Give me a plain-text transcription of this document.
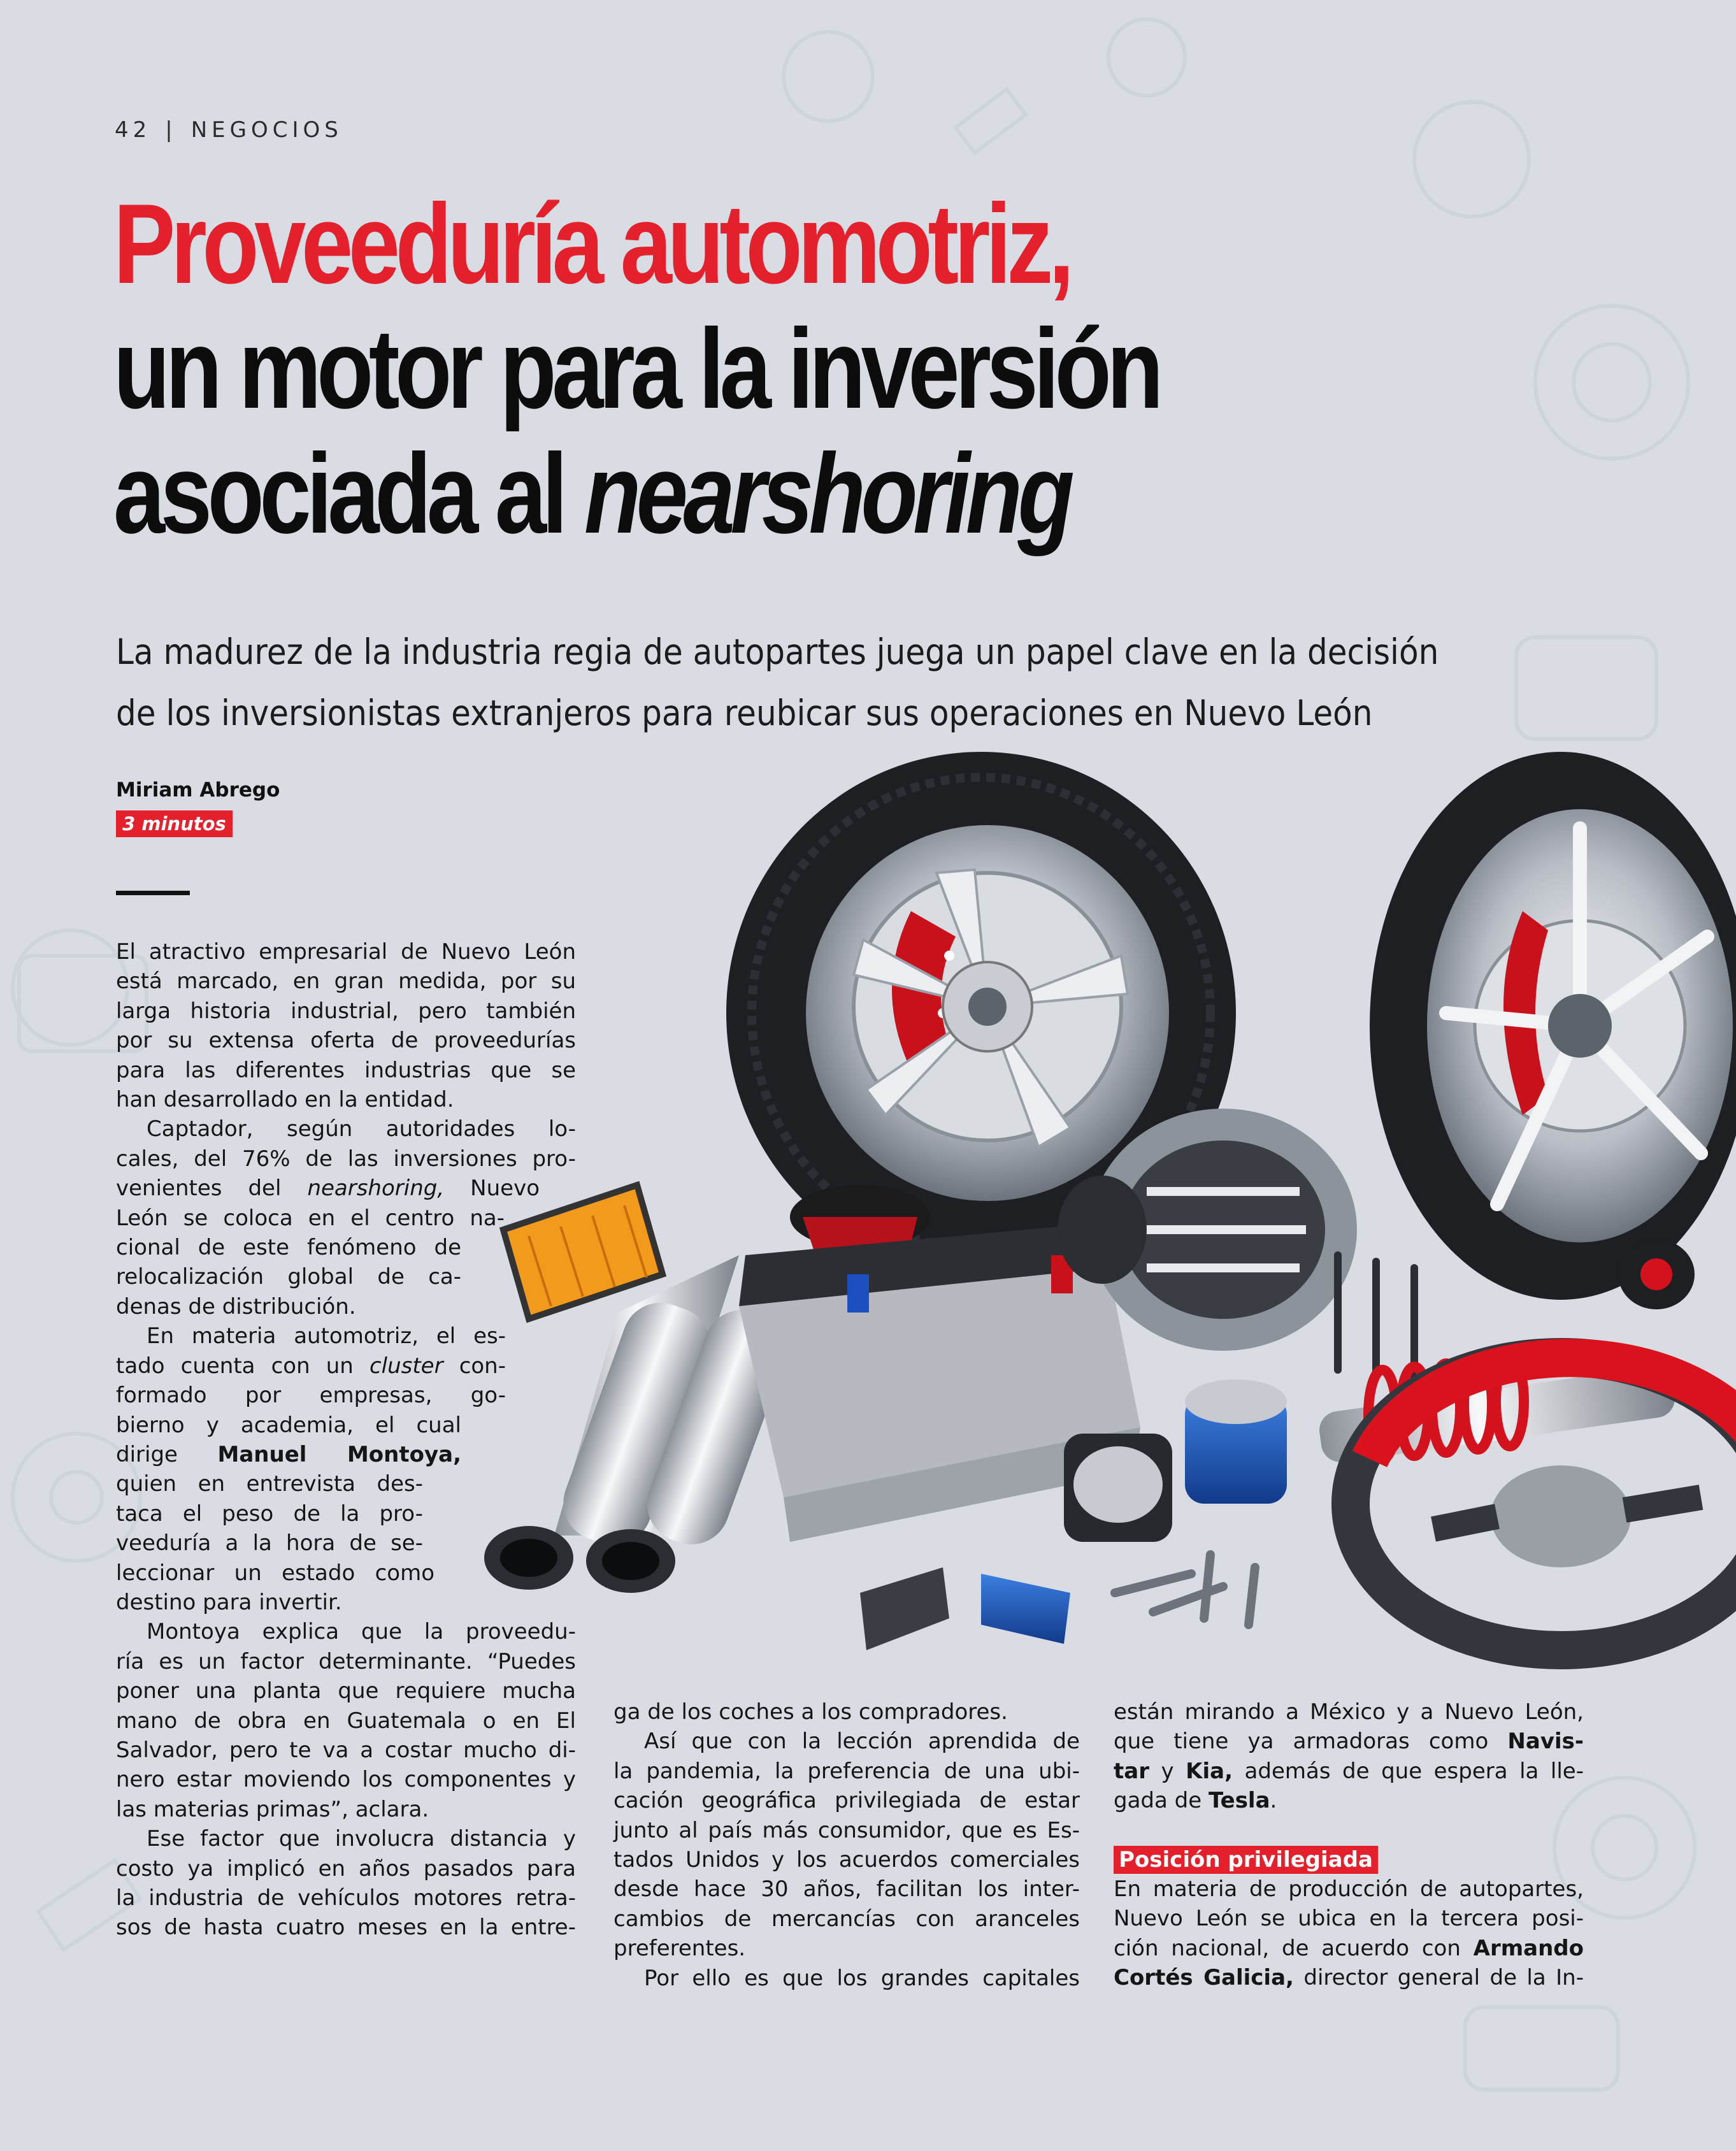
42 | NEGOCIOS
Proveeduría automotriz,
un motor para la inversión
asociada al nearshoring
La madurez de la industria regia de autopartes juega un papel clave en la decisión
de los inversionistas extranjeros para reubicar sus operaciones en Nuevo León
Miriam Abrego
3 minutos
El atractivo empresarial de Nuevo León
está marcado, en gran medida, por su
larga historia industrial, pero también
por su extensa oferta de proveedurías
para las diferentes industrias que se
han desarrollado en la entidad.
Captador, según autoridades lo-
cales, del 76% de las inversiones pro-
venientes del nearshoring, Nuevo
León se coloca en el centro na-
cional de este fenómeno de
relocalización global de ca-
denas de distribución.
En materia automotriz, el es-
tado cuenta con un cluster con-
formado por empresas, go-
bierno y academia, el cual
dirige Manuel Montoya,
quien en entrevista des-
taca el peso de la pro-
veeduría a la hora de se-
leccionar un estado como
destino para invertir.
Montoya explica que la proveedu-
ría es un factor determinante. “Puedes
poner una planta que requiere mucha
mano de obra en Guatemala o en El
Salvador, pero te va a costar mucho di-
nero estar moviendo los componentes y
las materias primas”, aclara.
Ese factor que involucra distancia y
costo ya implicó en años pasados para
la industria de vehículos motores retra-
sos de hasta cuatro meses en la entre-
ga de los coches a los compradores.
Así que con la lección aprendida de
la pandemia, la preferencia de una ubi-
cación geográfica privilegiada de estar
junto al país más consumidor, que es Es-
tados Unidos y los acuerdos comerciales
desde hace 30 años, facilitan los inter-
cambios de mercancías con aranceles
preferentes.
Por ello es que los grandes capitales
están mirando a México y a Nuevo León,
que tiene ya armadoras como Navis-
tar y Kia, además de que espera la lle-
gada de Tesla.
Posición privilegiada
En materia de producción de autopartes,
Nuevo León se ubica en la tercera posi-
ción nacional, de acuerdo con Armando
Cortés Galicia, director general de la In-
